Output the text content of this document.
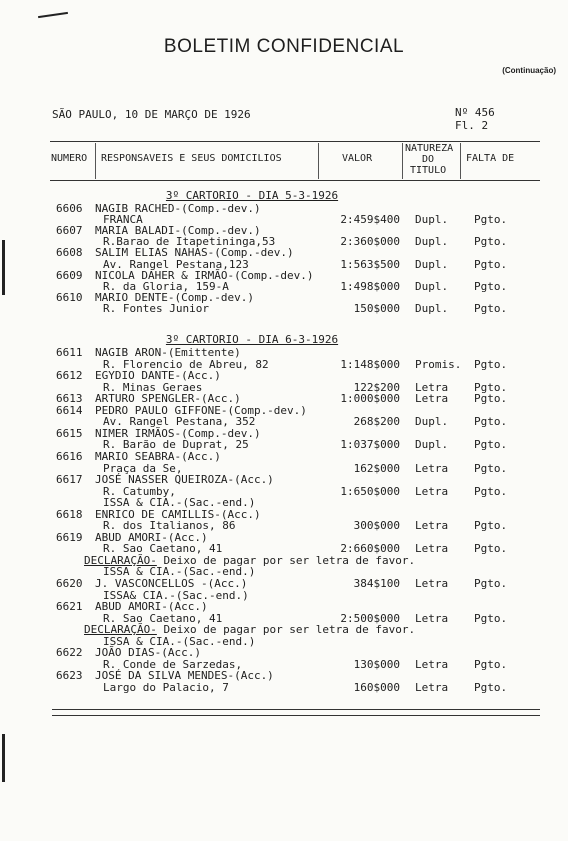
BOLETIM CONFIDENCIAL
(Continuação)
SÃO PAULO, 10 DE MARÇO DE 1926	Nº 456
Fl. 2
NUMERO RESPONSAVEIS E SEUS DOMICILIOS	VALOR
NATUREZA
DO
TITULO
FALTA DE
3º CARTORIO - DIA 5-3-1926
3º CARTORIO - DIA 6-3-1926
6606 NAGIB RACHED-(Comp.-dev.)
FRANCA	2:459$400 Dupl. Pgto.
6607 MARIA BALADI-(Comp.-dev.)
R.Barao de Itapetininga,53	2:360$000 Dupl. Pgto.
6608 SALIM ELIAS NAHAS-(Comp.-dev.)
Av. Rangel Pestana,123	1:563$500 Dupl. Pgto.
6609 NICOLA DAHER & IRMÃO-(Comp.-dev.)
R. da Gloria, 159-A	1:498$000 Dupl. Pgto.
6610 MARIO DENTE-(Comp.-dev.)
R. Fontes Junior	150$000 Dupl. Pgto.
6611 NAGIB ARON-(Emittente)
R. Florencio de Abreu, 82	1:148$000 Promis. Pgto.
6612 EGYDIO DANTE-(Acc.)
R. Minas Geraes	122$200 Letra Pgto.
6613 ARTURO SPENGLER-(Acc.)	1:000$000 Letra Pgto.
6614 PEDRO PAULO GIFFONE-(Comp.-dev.)
Av. Rangel Pestana, 352	268$200 Dupl. Pgto.
6615 NIMER IRMÃOS-(Comp.-dev.)
R. Barão de Duprat, 25	1:037$000 Dupl. Pgto.
6616 MARIO SEABRA-(Acc.)
Praça da Se,	162$000 Letra Pgto.
6617 JOSÉ NASSER QUEIROZA-(Acc.)
R. Catumby,	1:650$000 Letra Pgto.
ISSA & CIA.-(Sac.-end.)
6618 ENRICO DE CAMILLIS-(Acc.)
R. dos Italianos, 86	300$000 Letra Pgto.
6619 ABUD AMORI-(Acc.)
R. Sao Caetano, 41	2:660$000 Letra Pgto.
DECLARAÇÃO- Deixo de pagar por ser letra de favor.
ISSA & CIA.-(Sac.-end.)
6620 J. VASCONCELLOS -(Acc.)	384$100 Letra Pgto.
ISSA& CIA.-(Sac.-end.)
6621 ABUD AMORI-(Acc.)
R. Sao Caetano, 41	2:500$000 Letra Pgto.
DECLARAÇÃO- Deixo de pagar por ser letra de favor.
ISSA & CIA.-(Sac.-end.)
6622 JOÃO DIAS-(Acc.)
R. Conde de Sarzedas,	130$000 Letra Pgto.
6623 JOSÉ DA SILVA MENDES-(Acc.)
Largo do Palacio, 7	160$000 Letra Pgto.
